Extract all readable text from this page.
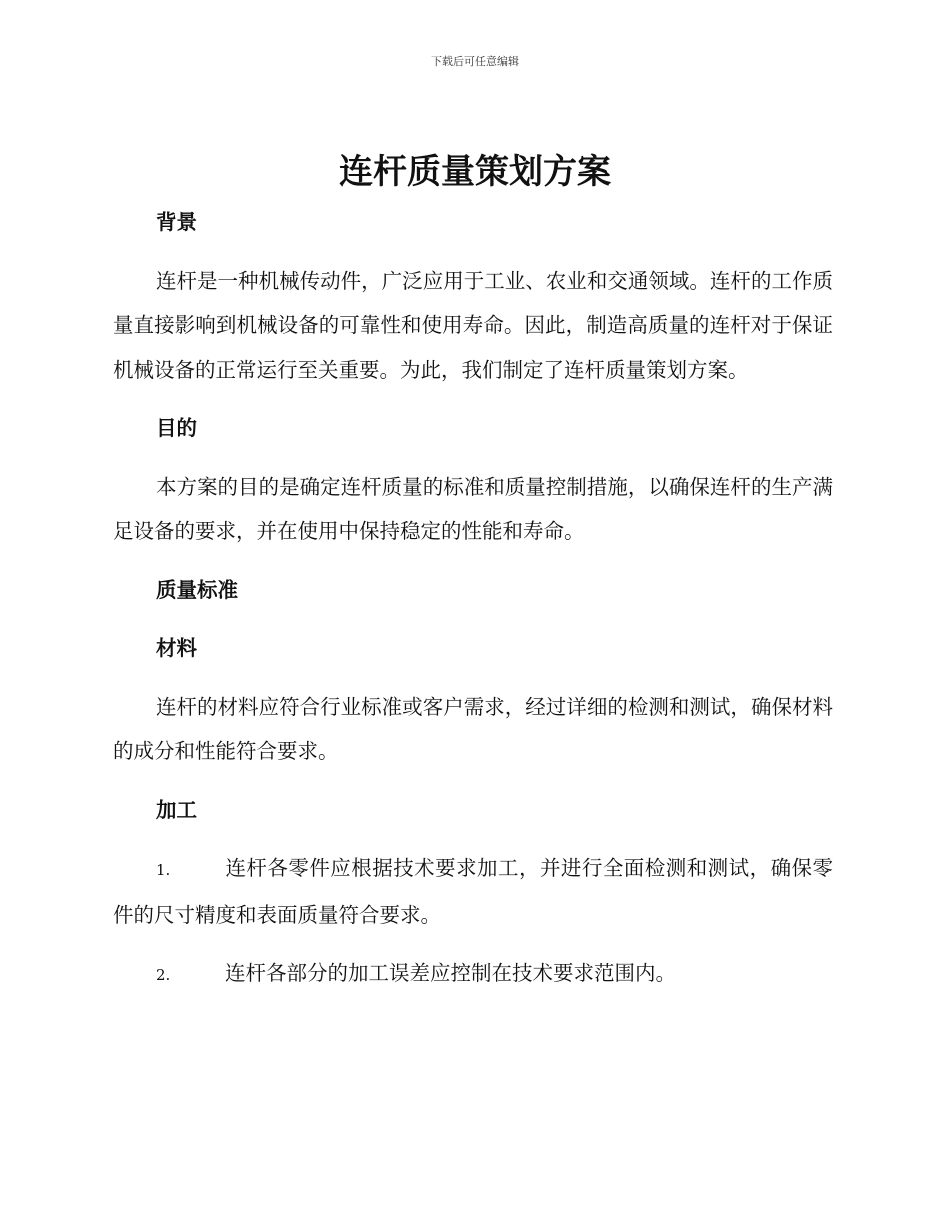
下载后可任意编辑
连杆质量策划方案
背景
连杆是一种机械传动件，广泛应用于工业、农业和交通领域。连杆的工作质量直接影响到机械设备的可靠性和使用寿命。因此，制造高质量的连杆对于保证机械设备的正常运行至关重要。为此，我们制定了连杆质量策划方案。
目的
本方案的目的是确定连杆质量的标准和质量控制措施，以确保连杆的生产满足设备的要求，并在使用中保持稳定的性能和寿命。
质量标准
材料
连杆的材料应符合行业标准或客户需求，经过详细的检测和测试，确保材料的成分和性能符合要求。
加工
1.	连杆各零件应根据技术要求加工，并进行全面检测和测试，确保零件的尺寸精度和表面质量符合要求。
2.	连杆各部分的加工误差应控制在技术要求范围内。
